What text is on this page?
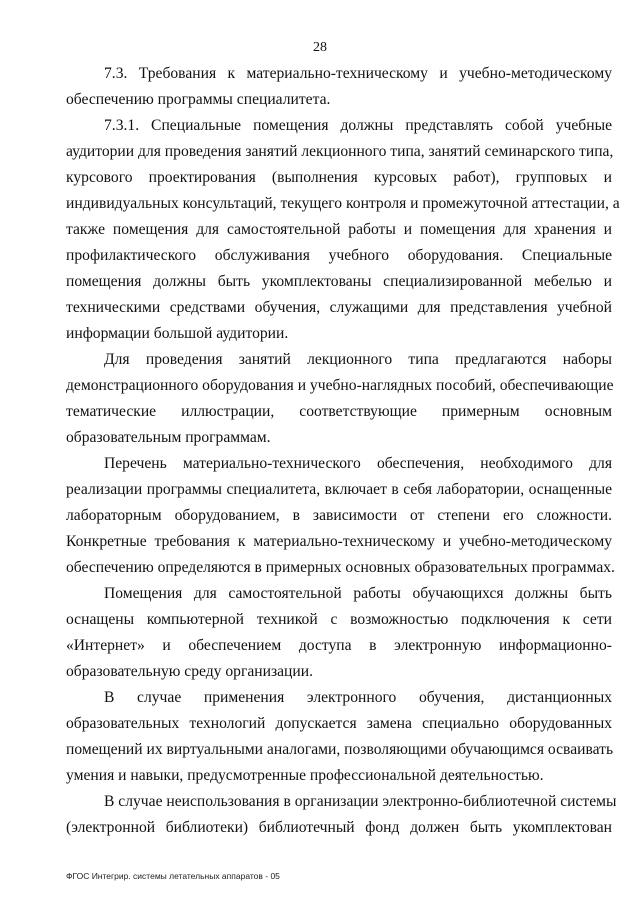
28
7.3. Требования к материально-техническому и учебно-методическому
обеспечению программы специалитета.
7.3.1. Специальные помещения должны представлять собой учебные
аудитории для проведения занятий лекционного типа, занятий семинарского типа,
курсового проектирования (выполнения курсовых работ), групповых и
индивидуальных консультаций, текущего контроля и промежуточной аттестации, а
также помещения для самостоятельной работы и помещения для хранения и
профилактического обслуживания учебного оборудования. Специальные
помещения должны быть укомплектованы специализированной мебелью и
техническими средствами обучения, служащими для представления учебной
информации большой аудитории.
Для проведения занятий лекционного типа предлагаются наборы
демонстрационного оборудования и учебно-наглядных пособий, обеспечивающие
тематические иллюстрации, соответствующие примерным основным
образовательным программам.
Перечень материально-технического обеспечения, необходимого для
реализации программы специалитета, включает в себя лаборатории, оснащенные
лабораторным оборудованием, в зависимости от степени его сложности.
Конкретные требования к материально-техническому и учебно-методическому
обеспечению определяются в примерных основных образовательных программах.
Помещения для самостоятельной работы обучающихся должны быть
оснащены компьютерной техникой с возможностью подключения к сети
«Интернет» и обеспечением доступа в электронную информационно-
образовательную среду организации.
В случае применения электронного обучения, дистанционных
образовательных технологий допускается замена специально оборудованных
помещений их виртуальными аналогами, позволяющими обучающимся осваивать
умения и навыки, предусмотренные профессиональной деятельностью.
В случае неиспользования в организации электронно-библиотечной системы
(электронной библиотеки) библиотечный фонд должен быть укомплектован
ФГОС Интегрир. системы летательных аппаратов - 05
